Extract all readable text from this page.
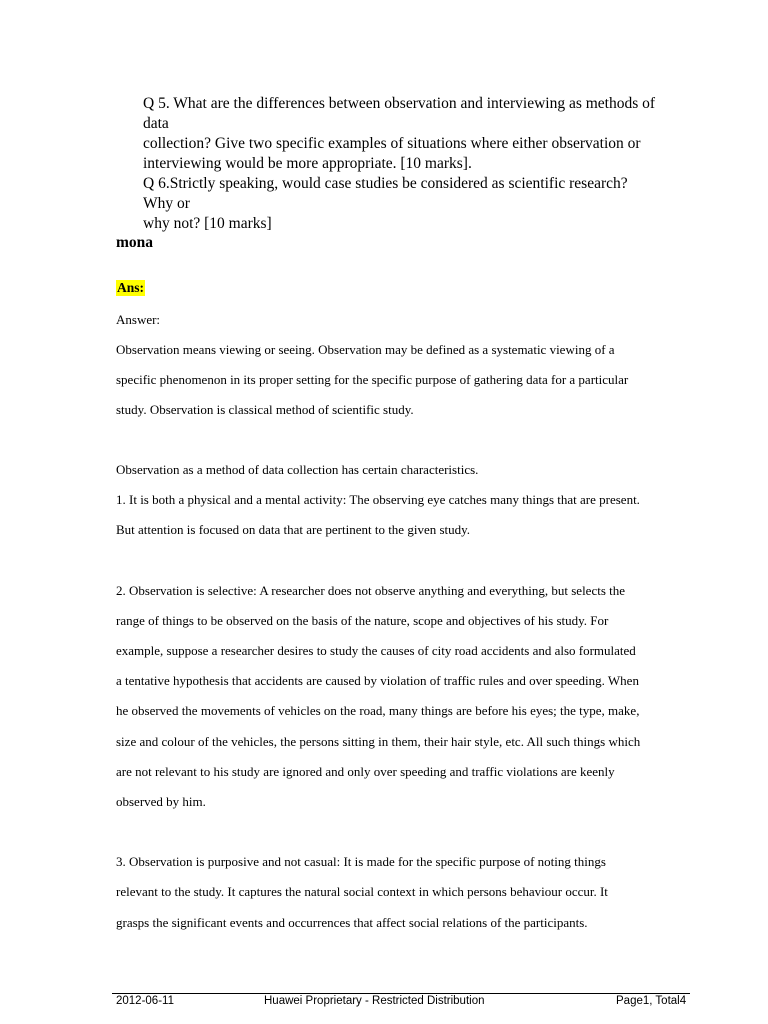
Q 5. What are the differences between observation and interviewing as methods of
data
collection? Give two specific examples of situations where either observation or
interviewing would be more appropriate. [10 marks].
Q 6.Strictly speaking, would case studies be considered as scientific research?
Why or
why not? [10 marks]
mona
Ans:
Answer:
Observation means viewing or seeing. Observation may be defined as a systematic viewing of a
specific phenomenon in its proper setting for the specific purpose of gathering data for a particular
study. Observation is classical method of scientific study.
Observation as a method of data collection has certain characteristics.
1. It is both a physical and a mental activity: The observing eye catches many things that are present.
But attention is focused on data that are pertinent to the given study.
2. Observation is selective: A researcher does not observe anything and everything, but selects the
range of things to be observed on the basis of the nature, scope and objectives of his study. For
example, suppose a researcher desires to study the causes of city road accidents and also formulated
a tentative hypothesis that accidents are caused by violation of traffic rules and over speeding. When
he observed the movements of vehicles on the road, many things are before his eyes; the type, make,
size and colour of the vehicles, the persons sitting in them, their hair style, etc. All such things which
are not relevant to his study are ignored and only over speeding and traffic violations are keenly
observed by him.
3. Observation is purposive and not casual: It is made for the specific purpose of noting things
relevant to the study. It captures the natural social context in which persons behaviour occur. It
grasps the significant events and occurrences that affect social relations of the participants.
2012-06-11	Huawei Proprietary - Restricted Distribution	Page1, Total4
